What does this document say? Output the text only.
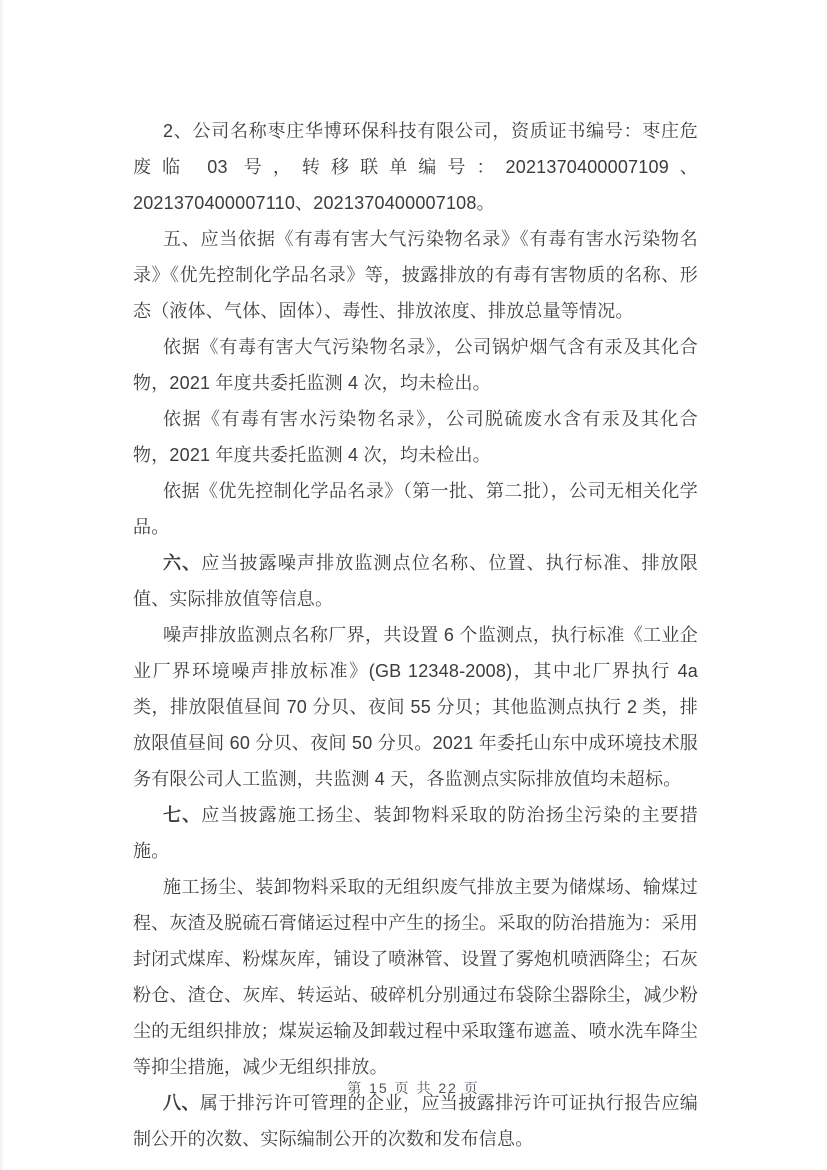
2、公司名称枣庄华博环保科技有限公司，资质证书编号：枣庄危废临 03 号，转移联单编号：2021370400007109、2021370400007110、2021370400007108。

五、应当依据《有毒有害大气污染物名录》《有毒有害水污染物名录》《优先控制化学品名录》等，披露排放的有毒有害物质的名称、形态（液体、气体、固体）、毒性、排放浓度、排放总量等情况。

依据《有毒有害大气污染物名录》，公司锅炉烟气含有汞及其化合物，2021 年度共委托监测 4 次，均未检出。

依据《有毒有害水污染物名录》，公司脱硫废水含有汞及其化合物，2021 年度共委托监测 4 次，均未检出。

依据《优先控制化学品名录》（第一批、第二批），公司无相关化学品。

六、应当披露噪声排放监测点位名称、位置、执行标准、排放限值、实际排放值等信息。

噪声排放监测点名称厂界，共设置 6 个监测点，执行标准《工业企业厂界环境噪声排放标准》(GB 12348-2008)，其中北厂界执行 4a 类，排放限值昼间 70 分贝、夜间 55 分贝；其他监测点执行 2 类，排放限值昼间 60 分贝、夜间 50 分贝。2021 年委托山东中成环境技术服务有限公司人工监测，共监测 4 天，各监测点实际排放值均未超标。

七、应当披露施工扬尘、装卸物料采取的防治扬尘污染的主要措施。

施工扬尘、装卸物料采取的无组织废气排放主要为储煤场、输煤过程、灰渣及脱硫石膏储运过程中产生的扬尘。采取的防治措施为：采用封闭式煤库、粉煤灰库，铺设了喷淋管、设置了雾炮机喷洒降尘；石灰粉仓、渣仓、灰库、转运站、破碎机分别通过布袋除尘器除尘，减少粉尘的无组织排放；煤炭运输及卸载过程中采取篷布遮盖、喷水洗车降尘等抑尘措施，减少无组织排放。

八、属于排污许可管理的企业，应当披露排污许可证执行报告应编制公开的次数、实际编制公开的次数和发布信息。

第 15 页 共 22 页
